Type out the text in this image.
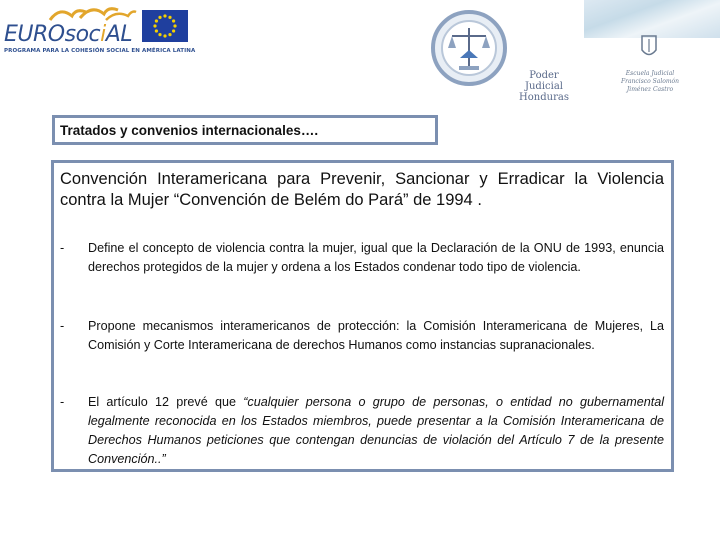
EUROsociAL
PROGRAMA PARA LA COHESIÓN SOCIAL EN AMÉRICA LATINA
Poder Judicial
Honduras
Escuela Judicial
Francisco Salomón Jiménez Castro
Tratados y convenios internacionales….

Convención Interamericana para Prevenir, Sancionar y Erradicar la Violencia contra la Mujer “Convención de Belém do Pará” de 1994 .

-	Define el concepto de violencia contra la mujer, igual que la Declaración de la ONU de 1993, enuncia derechos protegidos de la mujer y ordena a los Estados condenar todo tipo de violencia.
-	Propone mecanismos interamericanos de protección: la Comisión Interamericana de Mujeres, La Comisión y Corte Interamericana de derechos Humanos como instancias supranacionales.
-	El artículo 12 prevé que “cualquier persona o grupo de personas, o entidad no gubernamental legalmente reconocida en los Estados miembros, puede presentar a la Comisión Interamericana de Derechos Humanos peticiones que contengan denuncias de violación del Artículo 7 de la presente Convención..”
